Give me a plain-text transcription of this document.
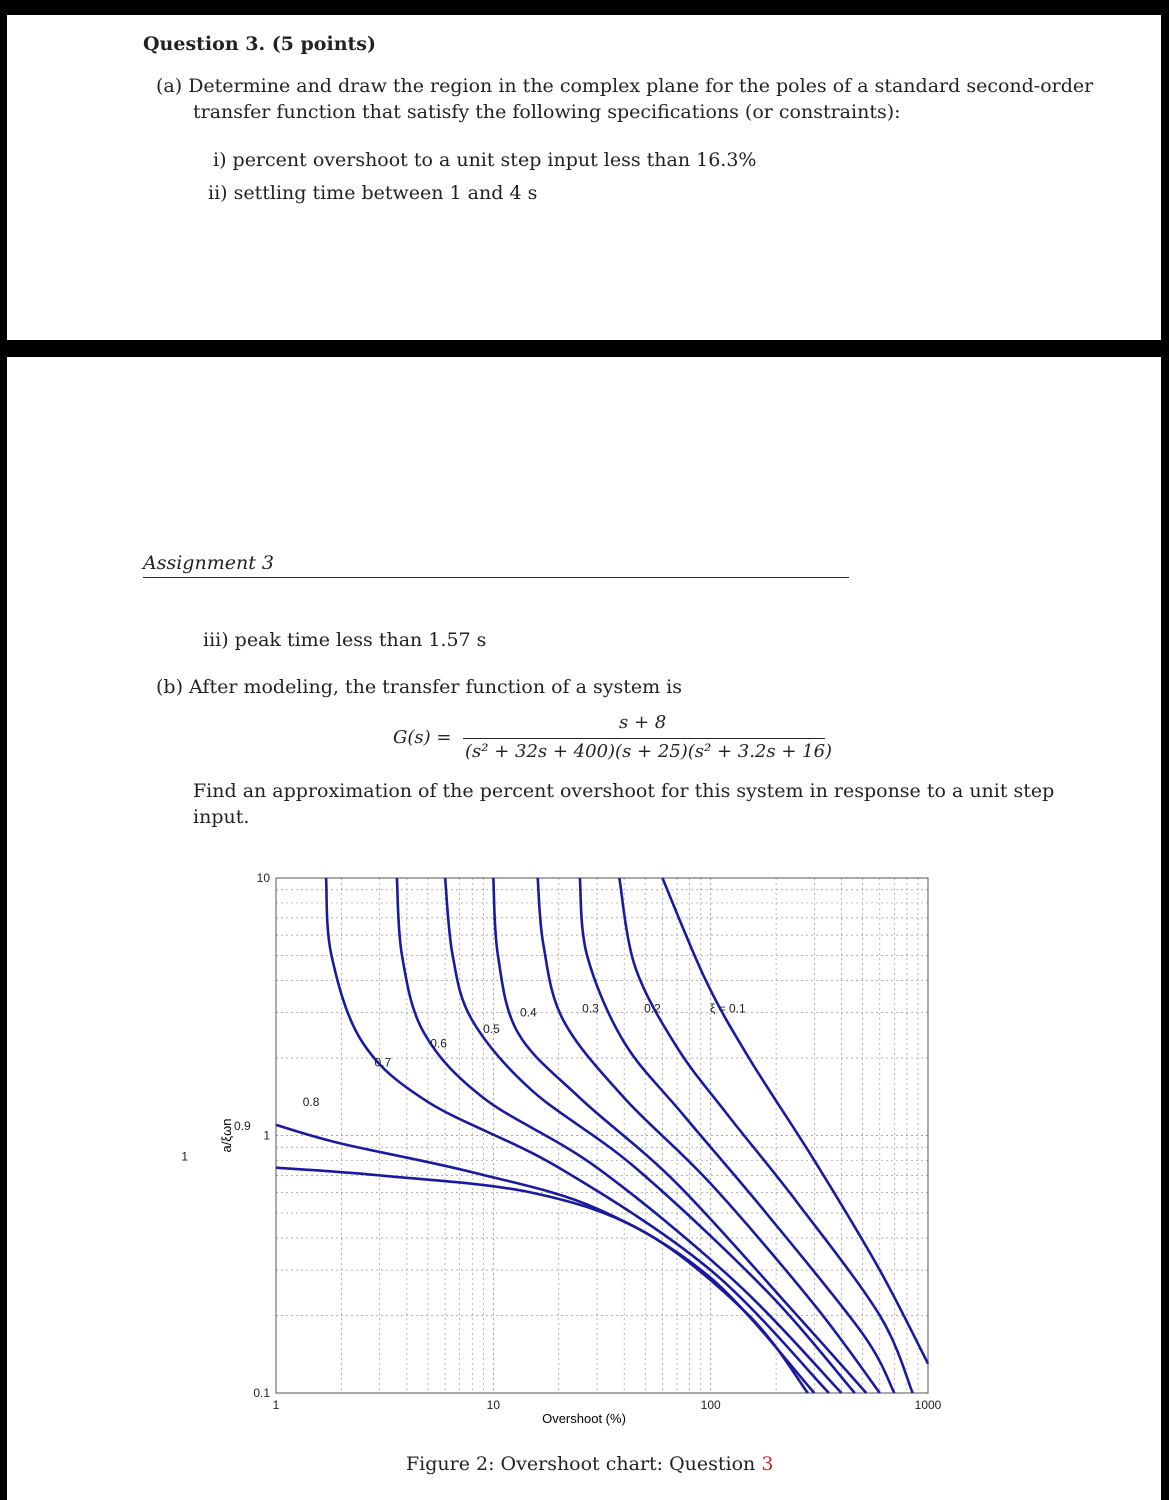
Question 3. (5 points)
(a) Determine and draw the region in the complex plane for the poles of a standard second-order
transfer function that satisfy the following specifications (or constraints):
i) percent overshoot to a unit step input less than 16.3%
ii) settling time between 1 and 4 s
Assignment 3
iii) peak time less than 1.57 s
(b) After modeling, the transfer function of a system is
G(s) =
s + 8
(s² + 32s + 400)(s + 25)(s² + 3.2s + 16)
Find an approximation of the percent overshoot for this system in response to a unit step
input.
ξ = 0.1
0.2
0.3
0.4
0.5
0.6
0.7
0.8
0.9
1
1	10	100	1000
0.1
1
10
Overshoot (%)
a/ξωn
Figure 2: Overshoot chart: Question 3
